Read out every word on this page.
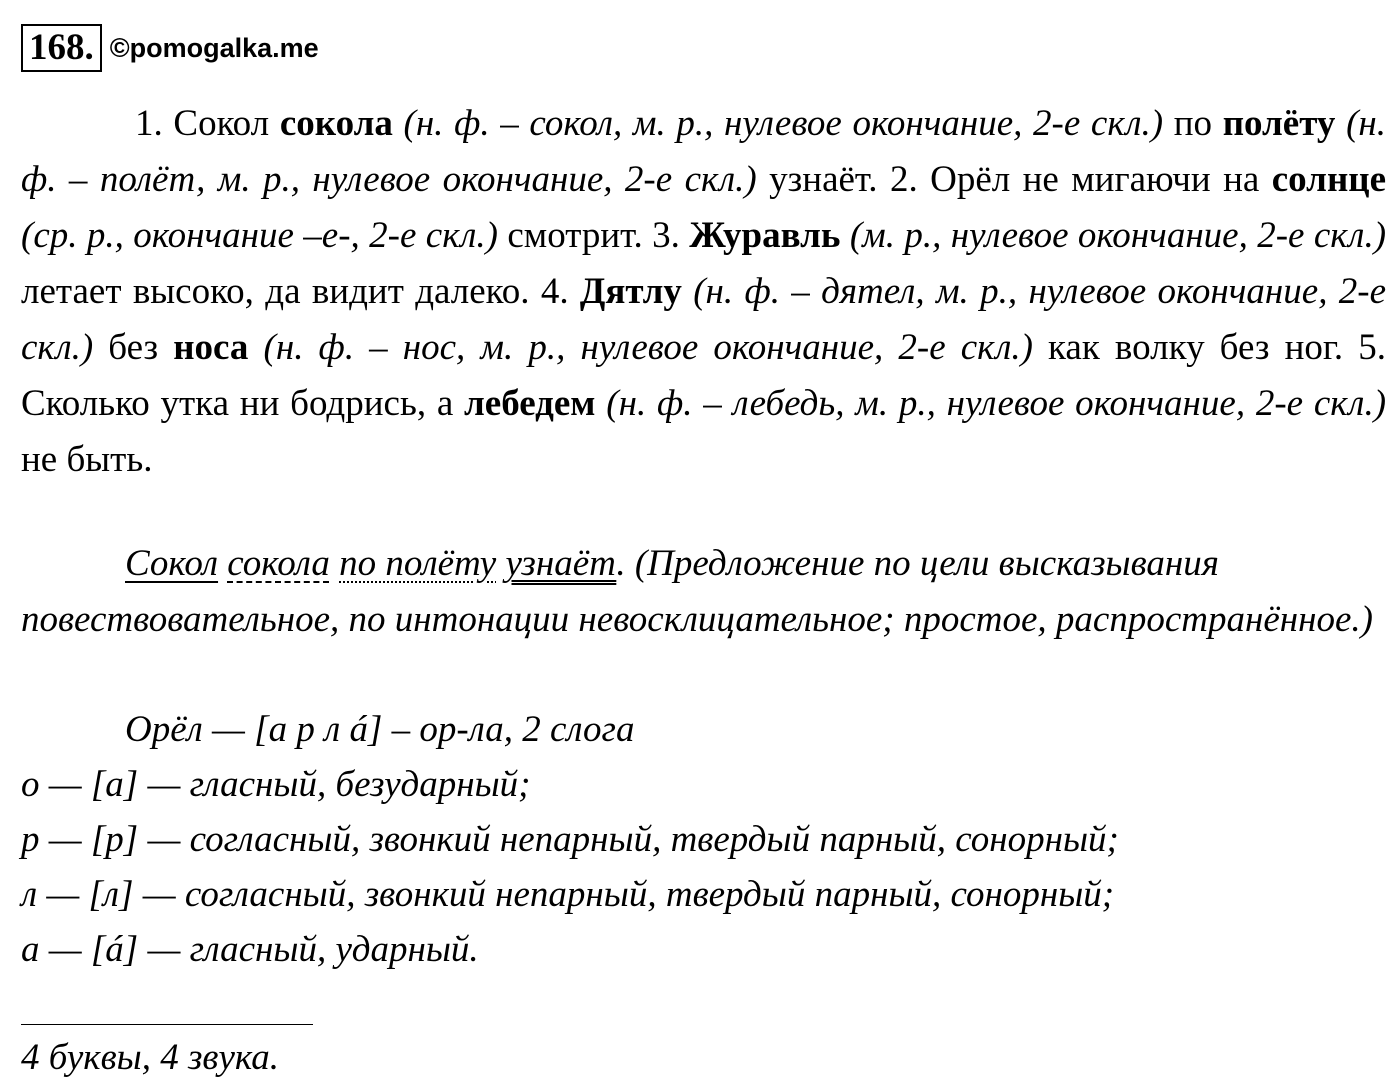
168. ©pomogalka.me
1. Сокол сокола (н. ф. – сокол, м. р., нулевое окончание, 2-е скл.) по полёту (н. ф. – полёт, м. р., нулевое окончание, 2-е скл.) узнаёт. 2. Орёл не мигаючи на солнце (ср. р., окончание –е-, 2-е скл.) смотрит. 3. Журавль (м. р., нулевое окончание, 2-е скл.) летает высоко, да видит далеко. 4. Дятлу (н. ф. – дятел, м. р., нулевое окончание, 2-е скл.) без носа (н. ф. – нос, м. р., нулевое окончание, 2-е скл.) как волку без ног. 5. Сколько утка ни бодрись, а лебедем (н. ф. – лебедь, м. р., нулевое окончание, 2-е скл.) не быть.
Сокол сокола по полёту узнаёт. (Предложение по цели высказывания повествовательное, по интонации невосклицательное; простое, распространённое.)
Орёл — [а р л á] – ор-ла, 2 слога
о — [а] — гласный, безударный;
р — [р] — согласный, звонкий непарный, твердый парный, сонорный;
л — [л] — согласный, звонкий непарный, твердый парный, сонорный;
а — [á] — гласный, ударный.
4 буквы, 4 звука.
